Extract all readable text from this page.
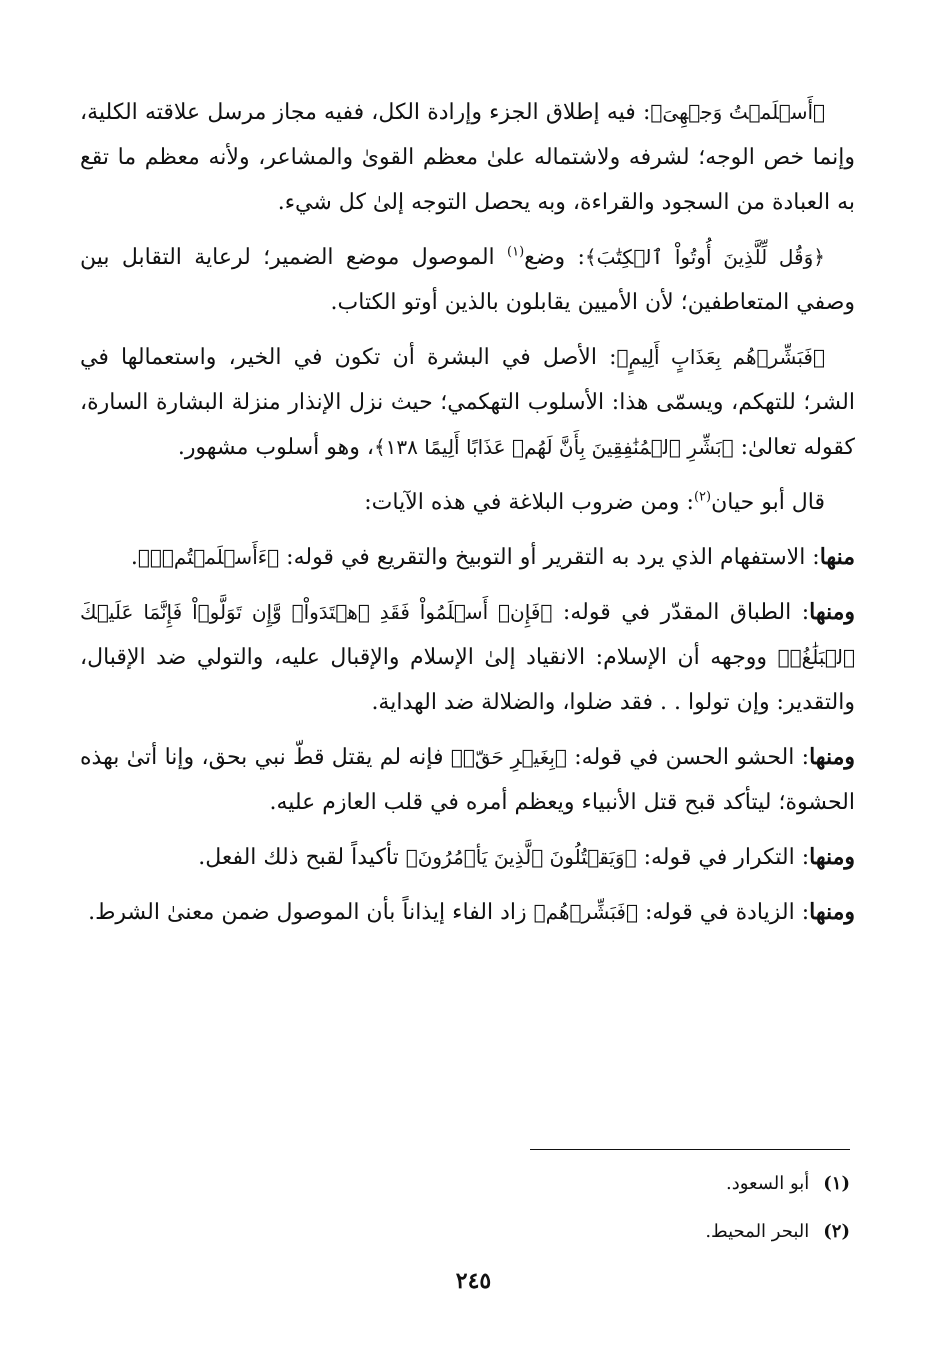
﴿أَسۡلَمۡتُ وَجۡهِىَ﴾: فيه إطلاق الجزء وإرادة الكل، ففيه مجاز مرسل علاقته الكلية، وإنما خص الوجه؛ لشرفه ولاشتماله علىٰ معظم القوىٰ والمشاعر، ولأنه معظم ما تقع به العبادة من السجود والقراءة، وبه يحصل التوجه إلىٰ كل شيء.

﴿وَقُل لِّلَّذِينَ أُوتُواْ ٱلۡكِتَٰبَ﴾: وضع$^{(١)}$ الموصول موضع الضمير؛ لرعاية التقابل بين وصفي المتعاطفين؛ لأن الأميين يقابلون بالذين أوتو الكتاب.

﴿فَبَشِّرۡهُم بِعَذَابٍ أَلِيمٍ﴾: الأصل في البشرة أن تكون في الخير، واستعمالها في الشر؛ للتهكم، ويسمّى هذا: الأسلوب التهكمي؛ حيث نزل الإنذار منزلة البشارة السارة، كقوله تعالىٰ: ﴿بَشِّرِ ٱلۡمُنَٰفِقِينَ بِأَنَّ لَهُمۡ عَذَابًا أَلِيمًا ١٣٨﴾، وهو أسلوب مشهور.

قال أبو حيان$^{(٢)}$: ومن ضروب البلاغة في هذه الآيات:

منها: الاستفهام الذي يرد به التقرير أو التوبيخ والتقريع في قوله: ﴿ءَأَسۡلَمۡتُمۡۚ﴾.

ومنها: الطباق المقدّر في قوله: ﴿فَإِنۡ أَسۡلَمُواْ فَقَدِ ٱهۡتَدَواْۖ وَّإِن تَوَلَّوۡاْ فَإِنَّمَا عَلَيۡكَ ٱلۡبَلَٰغُۗ﴾ ووجهه أن الإسلام: الانقياد إلىٰ الإسلام والإقبال عليه، والتولي ضد الإقبال، والتقدير: وإن تولوا . . فقد ضلوا، والضلالة ضد الهداية.

ومنها: الحشو الحسن في قوله: ﴿بِغَيۡرِ حَقّٖ﴾ فإنه لم يقتل قطّ نبي بحق، وإنا أتىٰ بهذه الحشوة؛ ليتأكد قبح قتل الأنبياء ويعظم أمره في قلب العازم عليه.

ومنها: التكرار في قوله: ﴿وَيَقۡتُلُونَ ٱلَّذِينَ يَأۡمُرُونَ﴾ تأكيداً لقبح ذلك الفعل.

ومنها: الزيادة في قوله: ﴿فَبَشِّرۡهُم﴾ زاد الفاء إيذاناً بأن الموصول ضمن معنىٰ الشرط.

(١)أبو السعود.
(٢)البحر المحيط.
٢٤٥
